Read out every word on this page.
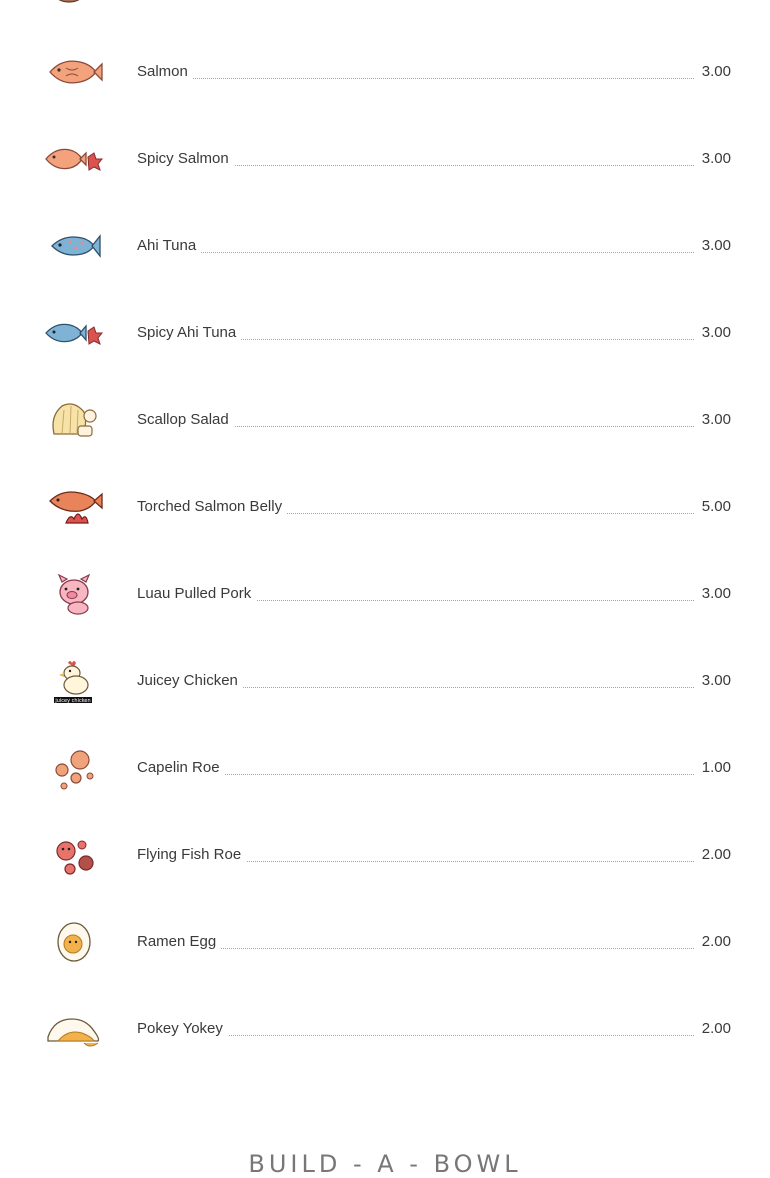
Salmon	3.00
Spicy Salmon	3.00
Ahi Tuna	3.00
Spicy Ahi Tuna	3.00
Scallop Salad	3.00
Torched Salmon Belly	5.00
Luau Pulled Pork	3.00
Juicey Chicken	3.00
juicey chicken
Capelin Roe	1.00
Flying Fish Roe	2.00
Ramen Egg	2.00
Pokey Yokey	2.00
BUILD - A - BOWL
